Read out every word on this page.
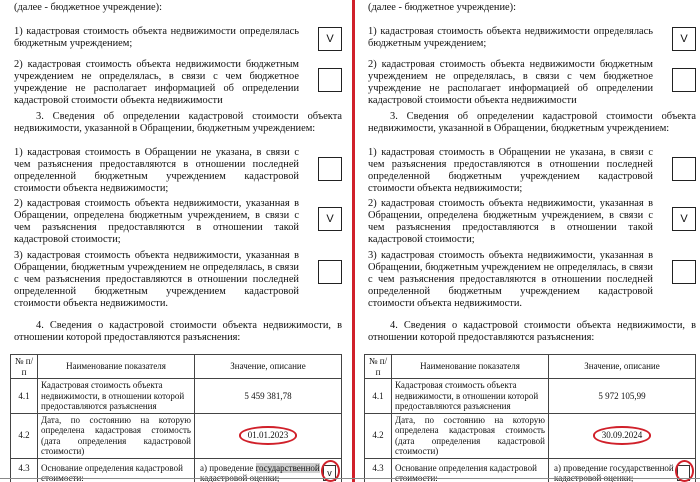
(далее - бюджетное учреждение):
1) кадастровая стоимость объекта недвижимости определялась бюджетным учреждением;	V
2) кадастровая стоимость объекта недвижимости бюджетным учреждением не определялась, в связи с чем бюджетное учреждение не располагает информацией об определении кадастровой стоимости объекта недвижимости
3. Сведения об определении кадастровой стоимости объекта недвижимости, указанной в Обращении, бюджетным учреждением:
1) кадастровая стоимость в Обращении не указана, в связи с чем разъяснения предоставляются в отношении последней определенной бюджетным учреждением кадастровой стоимости объекта недвижимости;
2) кадастровая стоимость объекта недвижимости, указанная в Обращении, определена бюджетным учреждением, в связи с чем разъяснения предоставляются в отношении такой кадастровой стоимости;
V
3) кадастровая стоимость объекта недвижимости, указанная в Обращении, бюджетным учреждением не определялась, в связи с чем разъяснения предоставляются в отношении последней определенной бюджетным учреждением кадастровой стоимости объекта недвижимости.
4. Сведения о кадастровой стоимости объекта недвижимости, в отношении которой предоставляются разъяснения:
№ п/п	Наименование показателя	Значение, описание
4.1	Кадастровая стоимость объекта недвижимости, в отношении которой предоставляются разъяснения	5 459 381,78
4.2	Дата, по состоянию на которую определена кадастровая стоимость (дата определения кадастровой стоимости)	01.01.2023

4.3	Основание определения кадастровой	а) проведение государственной v
(далее - бюджетное учреждение):
1) кадастровая стоимость объекта недвижимости определялась бюджетным учреждением;	V
2) кадастровая стоимость объекта недвижимости бюджетным учреждением не определялась, в связи с чем бюджетное учреждение не располагает информацией об определении кадастровой стоимости объекта недвижимости
3. Сведения об определении кадастровой стоимости объекта недвижимости, указанной в Обращении, бюджетным учреждением:
1) кадастровая стоимость в Обращении не указана, в связи с чем разъяснения предоставляются в отношении последней определенной бюджетным учреждением кадастровой стоимости объекта недвижимости;
2) кадастровая стоимость объекта недвижимости, указанная в Обращении, определена бюджетным учреждением, в связи с чем разъяснения предоставляются в отношении такой кадастровой стоимости;
V
3) кадастровая стоимость объекта недвижимости, указанная в Обращении, бюджетным учреждением не определялась, в связи с чем разъяснения предоставляются в отношении последней определенной бюджетным учреждением кадастровой стоимости объекта недвижимости.
4. Сведения о кадастровой стоимости объекта недвижимости, в отношении которой предоставляются разъяснения:
№ п/п	Наименование показателя	Значение, описание
4.1	Кадастровая стоимость объекта недвижимости, в отношении которой предоставляются разъяснения	5 972 105,99
4.2	Дата, по состоянию на которую определена кадастровая стоимость (дата определения кадастровой стоимости)	30.09.2024

4.3	Основание определения кадастровой	а) проведение государственной
